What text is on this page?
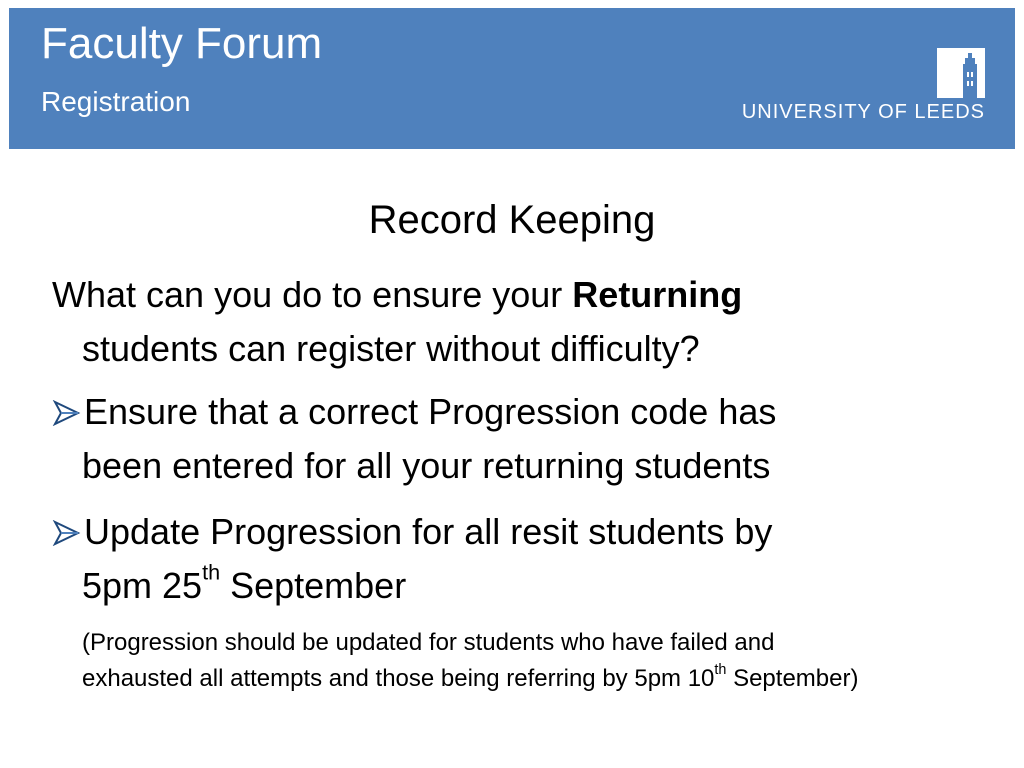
Faculty Forum
Registration	UNIVERSITY OF LEEDS
Record Keeping
What can you do to ensure your Returning
students can register without difficulty?
Ensure that a correct Progression code has
been entered for all your returning students
Update Progression for all resit students by
5pm 25th September
(Progression should be updated for students who have failed and
exhausted all attempts and those being referring by 5pm 10th September)
